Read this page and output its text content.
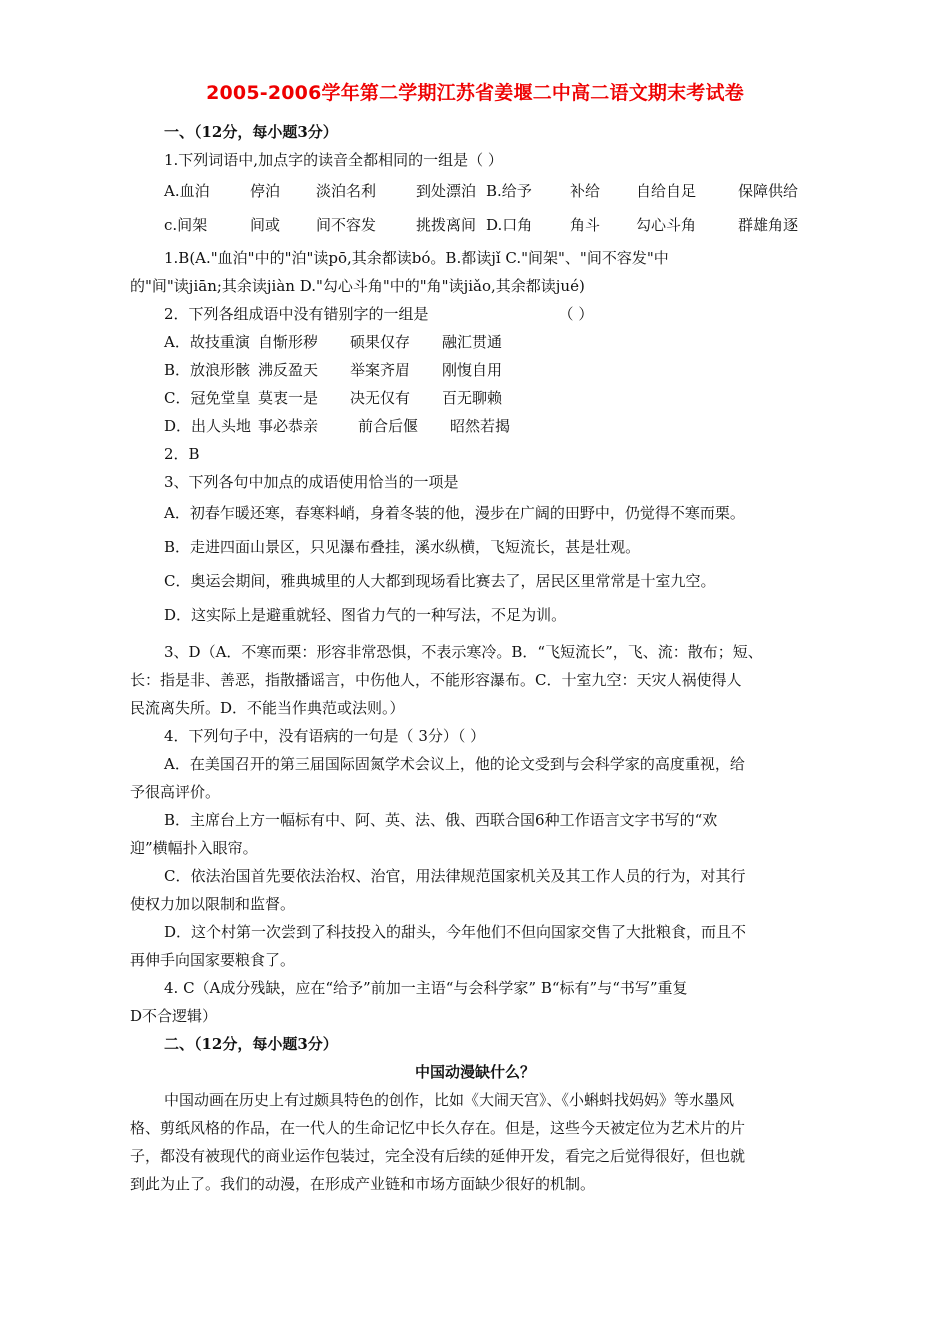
2005-2006学年第二学期江苏省姜堰二中高二语文期末考试卷

一、（12分，每小题3分）

1.下列词语中,加点字的读音全都相同的一组是（ ）

A.血泊	停泊	淡泊名利	到处漂泊 B.给予	补给	自给自足	保障供给

c.间架	间或	间不容发	挑拨离间 D.口角	角斗	勾心斗角	群雄角逐

1.B(A."血泊"中的"泊"读pō,其余都读bó。B.都读jǐ C."间架"、"间不容发"中

的"间"读jiān;其余读jiàn D."勾心斗角"中的"角"读jiǎo,其余都读jué)

2．下列各组成语中没有错别字的一组是	（ ）

A．故技重演 自惭形秽	硕果仅存	融汇贯通

B．放浪形骸 沸反盈天	举案齐眉	刚愎自用

C．冠免堂皇 莫衷一是	决无仅有	百无聊赖

D．出人头地 事必恭亲	前合后偃	昭然若揭

2．B

3、下列各句中加点的成语使用恰当的一项是

A．初春乍暖还寒，春寒料峭，身着冬装的他，漫步在广阔的田野中，仍觉得不寒而栗。

B．走进四面山景区，只见瀑布叠挂，溪水纵横，飞短流长，甚是壮观。

C．奥运会期间，雅典城里的人大都到现场看比赛去了，居民区里常常是十室九空。

D．这实际上是避重就轻、图省力气的一种写法，不足为训。

3、D（A．不寒而栗：形容非常恐惧，不表示寒冷。B．“飞短流长”，飞、流：散布；短、

长：指是非、善恶，指散播谣言，中伤他人，不能形容瀑布。C．十室九空：天灾人祸使得人

民流离失所。D．不能当作典范或法则。）

4．下列句子中，没有语病的一句是（ 3分）（ ）

A．在美国召开的第三届国际固氮学术会议上，他的论文受到与会科学家的高度重视，给

予很高评价。

B．主席台上方一幅标有中、阿、英、法、俄、西联合国6种工作语言文字书写的“欢

迎”横幅扑入眼帘。

C．依法治国首先要依法治权、治官，用法律规范国家机关及其工作人员的行为，对其行

使权力加以限制和监督。

D．这个村第一次尝到了科技投入的甜头，今年他们不但向国家交售了大批粮食，而且不

再伸手向国家要粮食了。

4. C（A成分残缺，应在“给予”前加一主语“与会科学家” B“标有”与“书写”重复

D不合逻辑）

二、（12分，每小题3分）

中国动漫缺什么？

中国动画在历史上有过颇具特色的创作，比如《大闹天宫》、《小蝌蚪找妈妈》等水墨风

格、剪纸风格的作品，在一代人的生命记忆中长久存在。但是，这些今天被定位为艺术片的片

子，都没有被现代的商业运作包装过，完全没有后续的延伸开发，看完之后觉得很好，但也就

到此为止了。我们的动漫，在形成产业链和市场方面缺少很好的机制。
